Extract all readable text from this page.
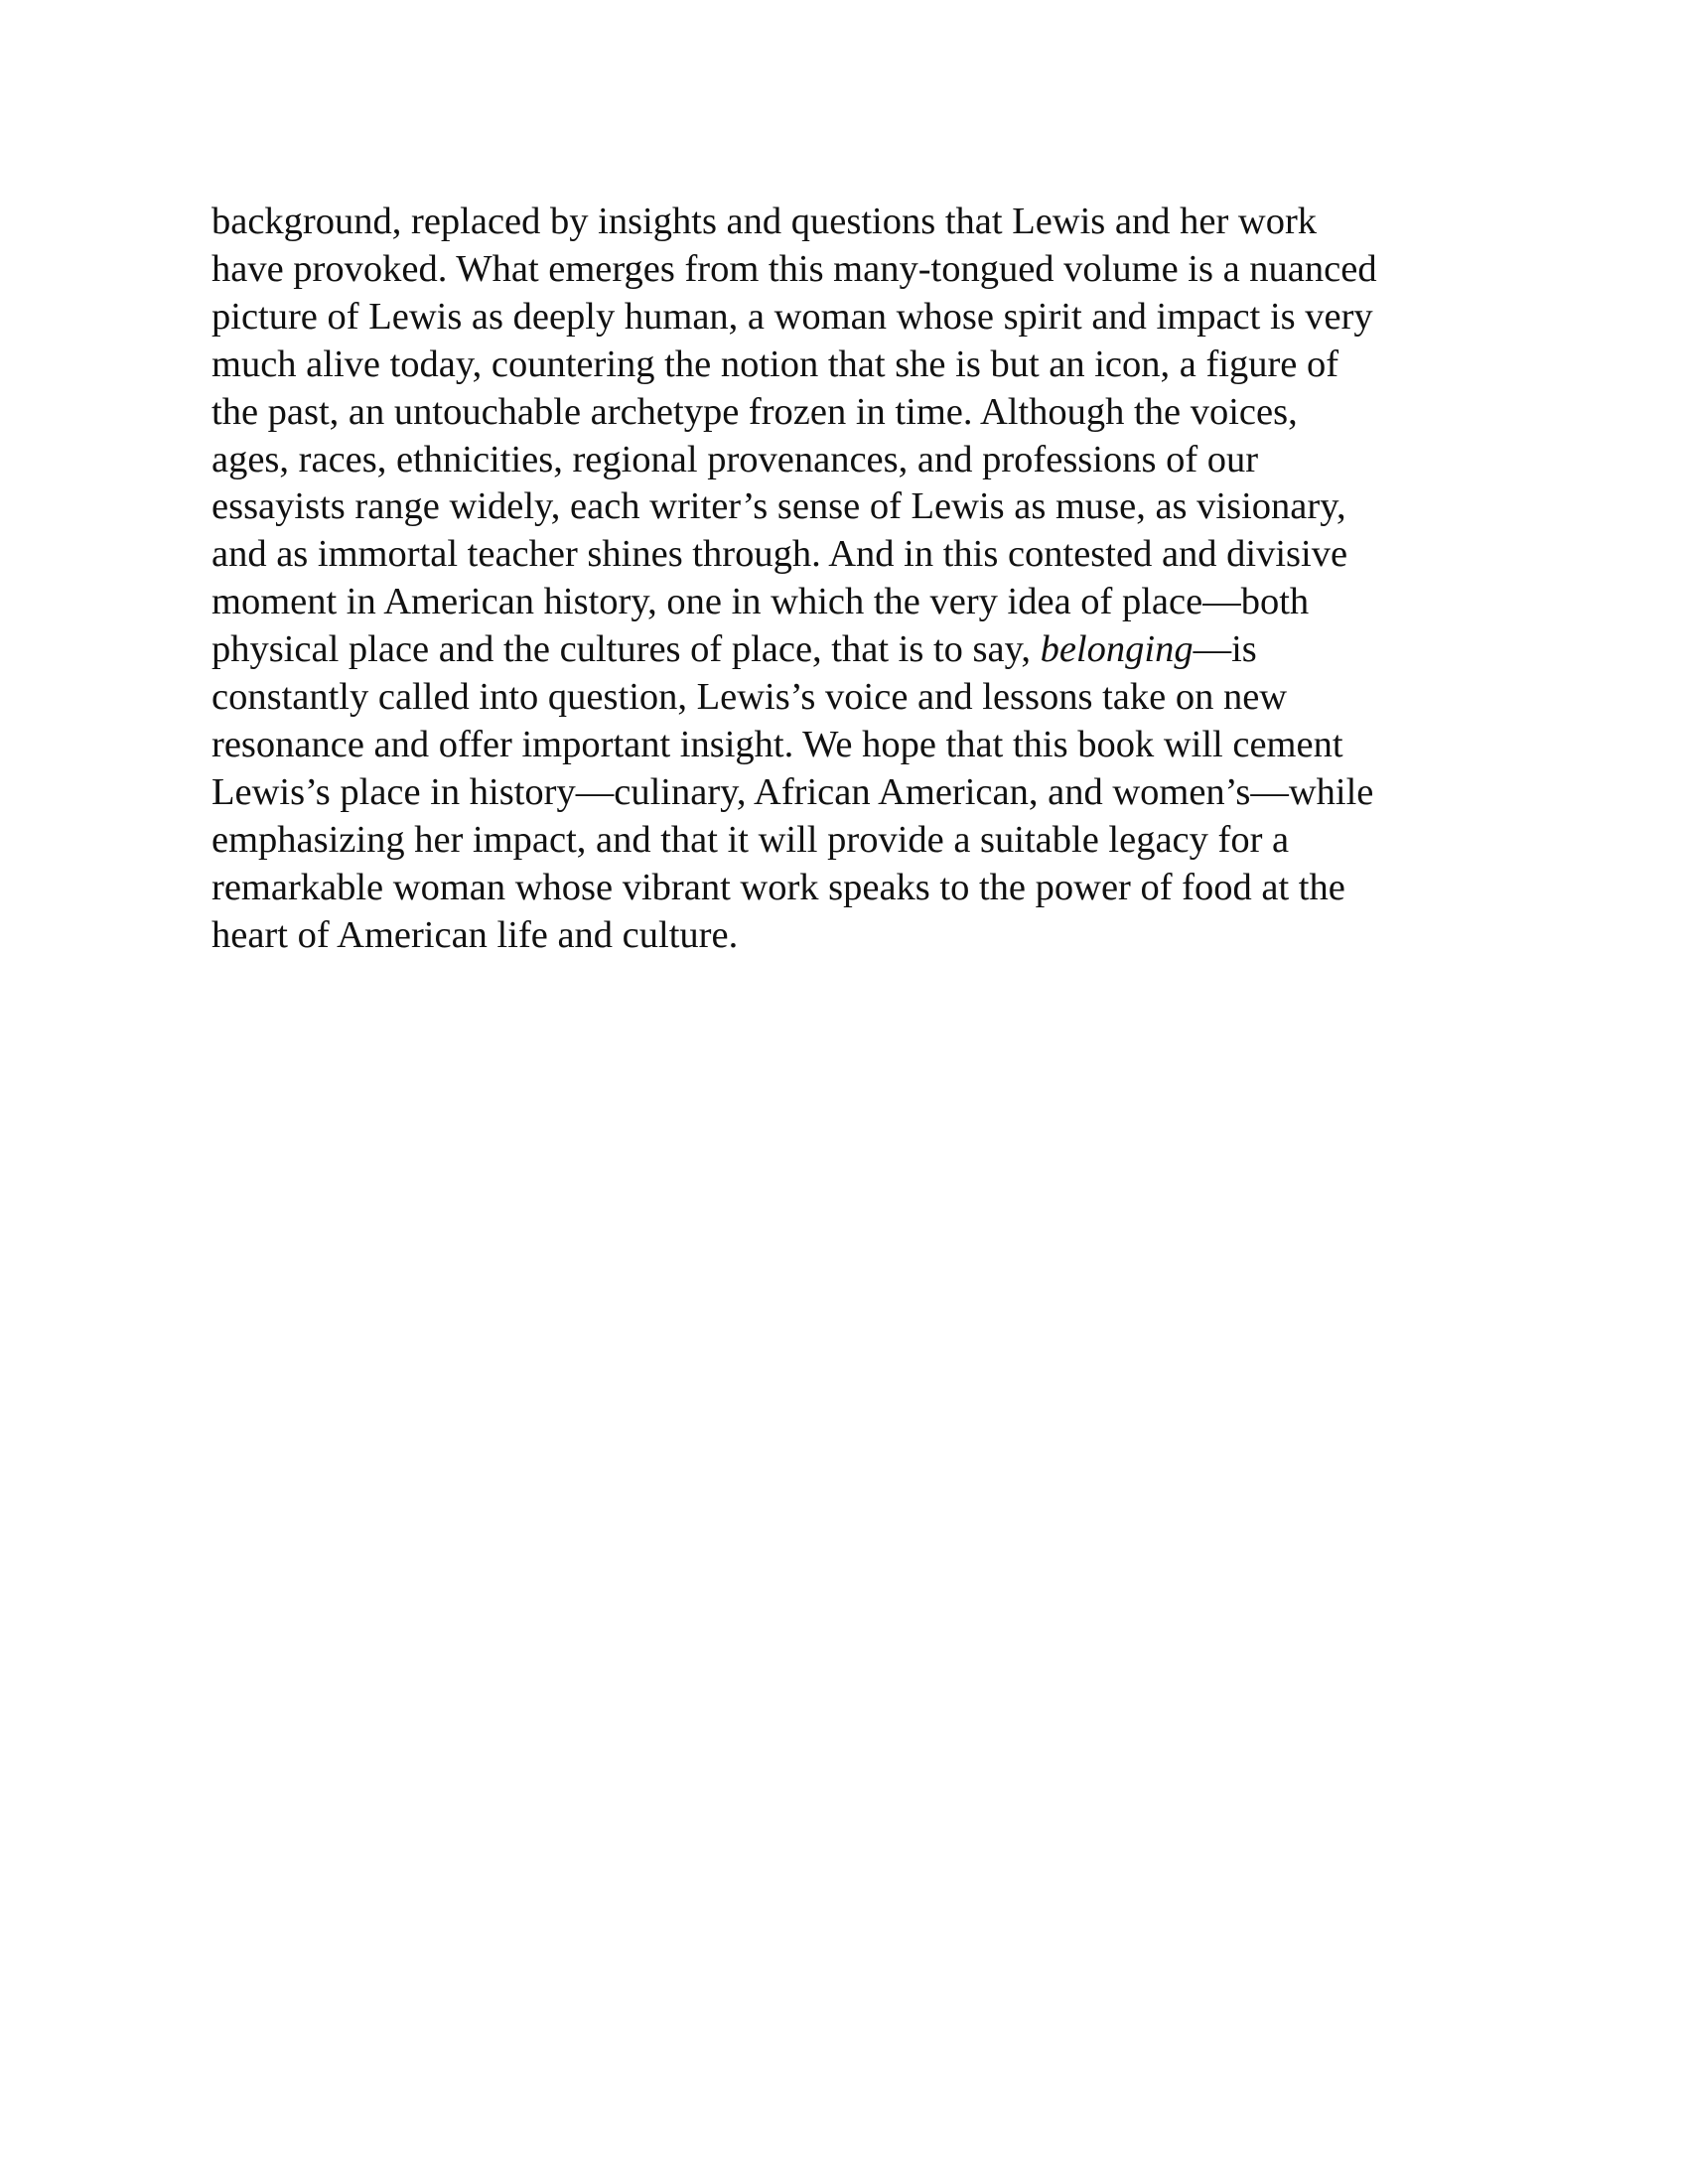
background, replaced by insights and questions that Lewis and her work
have provoked. What emerges from this many-tongued volume is a nuanced
picture of Lewis as deeply human, a woman whose spirit and impact is very
much alive today, countering the notion that she is but an icon, a figure of
the past, an untouchable archetype frozen in time. Although the voices,
ages, races, ethnicities, regional provenances, and professions of our
essayists range widely, each writer’s sense of Lewis as muse, as visionary,
and as immortal teacher shines through. And in this contested and divisive
moment in American history, one in which the very idea of place—both
physical place and the cultures of place, that is to say, belonging—is
constantly called into question, Lewis’s voice and lessons take on new
resonance and offer important insight. We hope that this book will cement
Lewis’s place in history—culinary, African American, and women’s—while
emphasizing her impact, and that it will provide a suitable legacy for a
remarkable woman whose vibrant work speaks to the power of food at the
heart of American life and culture.
